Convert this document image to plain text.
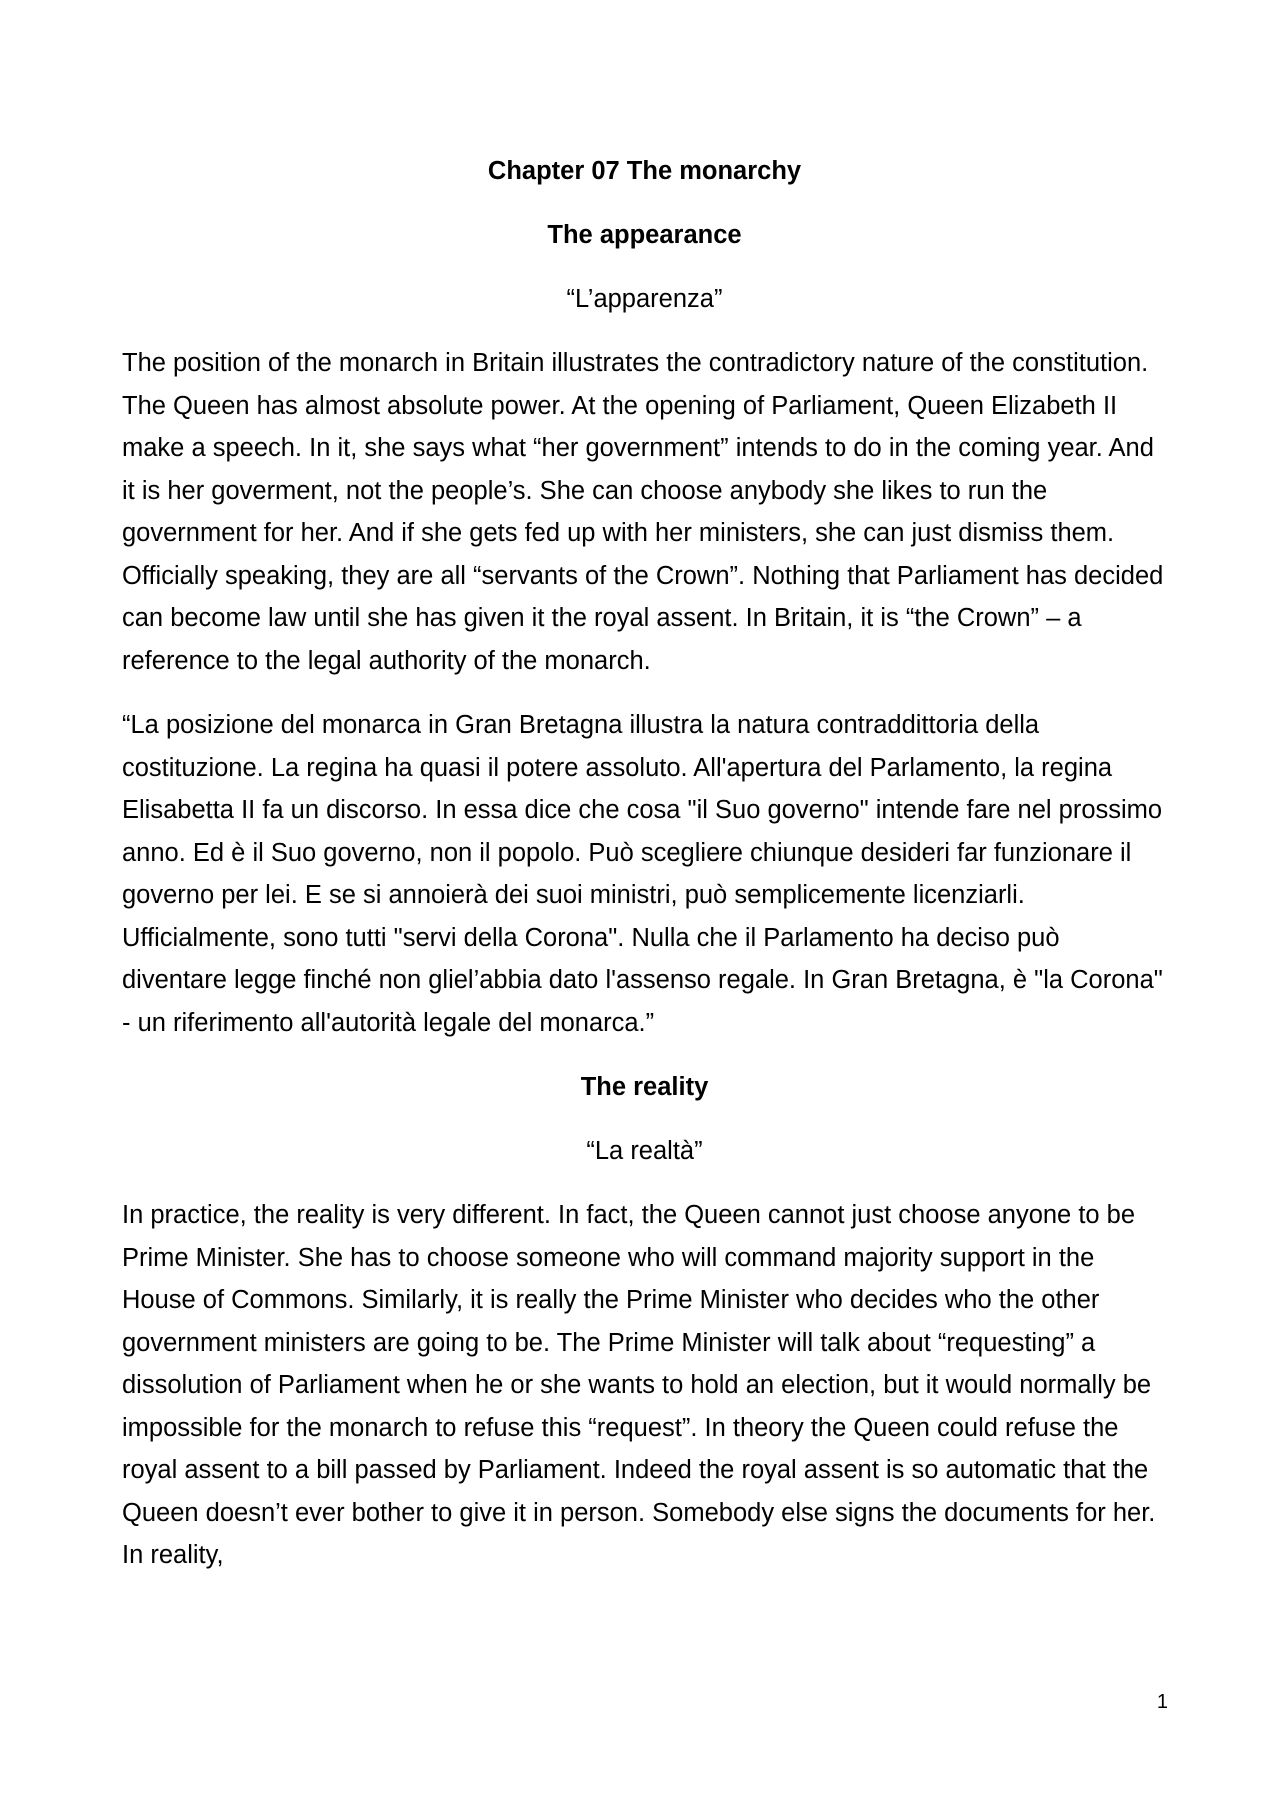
Chapter 07 The monarchy
The appearance
“L’apparenza”

The position of the monarch in Britain illustrates the contradictory nature of the constitution. The Queen has almost absolute power. At the opening of Parliament, Queen Elizabeth II make a speech. In it, she says what “her government” intends to do in the coming year. And it is her goverment, not the people’s. She can choose anybody she likes to run the government for her. And if she gets fed up with her ministers, she can just dismiss them. Officially speaking, they are all “servants of the Crown”. Nothing that Parliament has decided can become law until she has given it the royal assent. In Britain, it is “the Crown” – a reference to the legal authority of the monarch.

“La posizione del monarca in Gran Bretagna illustra la natura contraddittoria della costituzione. La regina ha quasi il potere assoluto. All'apertura del Parlamento, la regina Elisabetta II fa un discorso. In essa dice che cosa "il Suo governo" intende fare nel prossimo anno. Ed è il Suo governo, non il popolo. Può scegliere chiunque desideri far funzionare il governo per lei. E se si annoierà dei suoi ministri, può semplicemente licenziarli. Ufficialmente, sono tutti "servi della Corona". Nulla che il Parlamento ha deciso può diventare legge finché non gliel’abbia dato l'assenso regale. In Gran Bretagna, è "la Corona" - un riferimento all'autorità legale del monarca.”

The reality
“La realtà”

In practice, the reality is very different. In fact, the Queen cannot just choose anyone to be Prime Minister. She has to choose someone who will command majority support in the House of Commons. Similarly, it is really the Prime Minister who decides who the other government ministers are going to be. The Prime Minister will talk about “requesting” a dissolution of Parliament when he or she wants to hold an election, but it would normally be impossible for the monarch to refuse this “request”. In theory the Queen could refuse the royal assent to a bill passed by Parliament. Indeed the royal assent is so automatic that the Queen doesn’t ever bother to give it in person. Somebody else signs the documents for her. In reality,

1
